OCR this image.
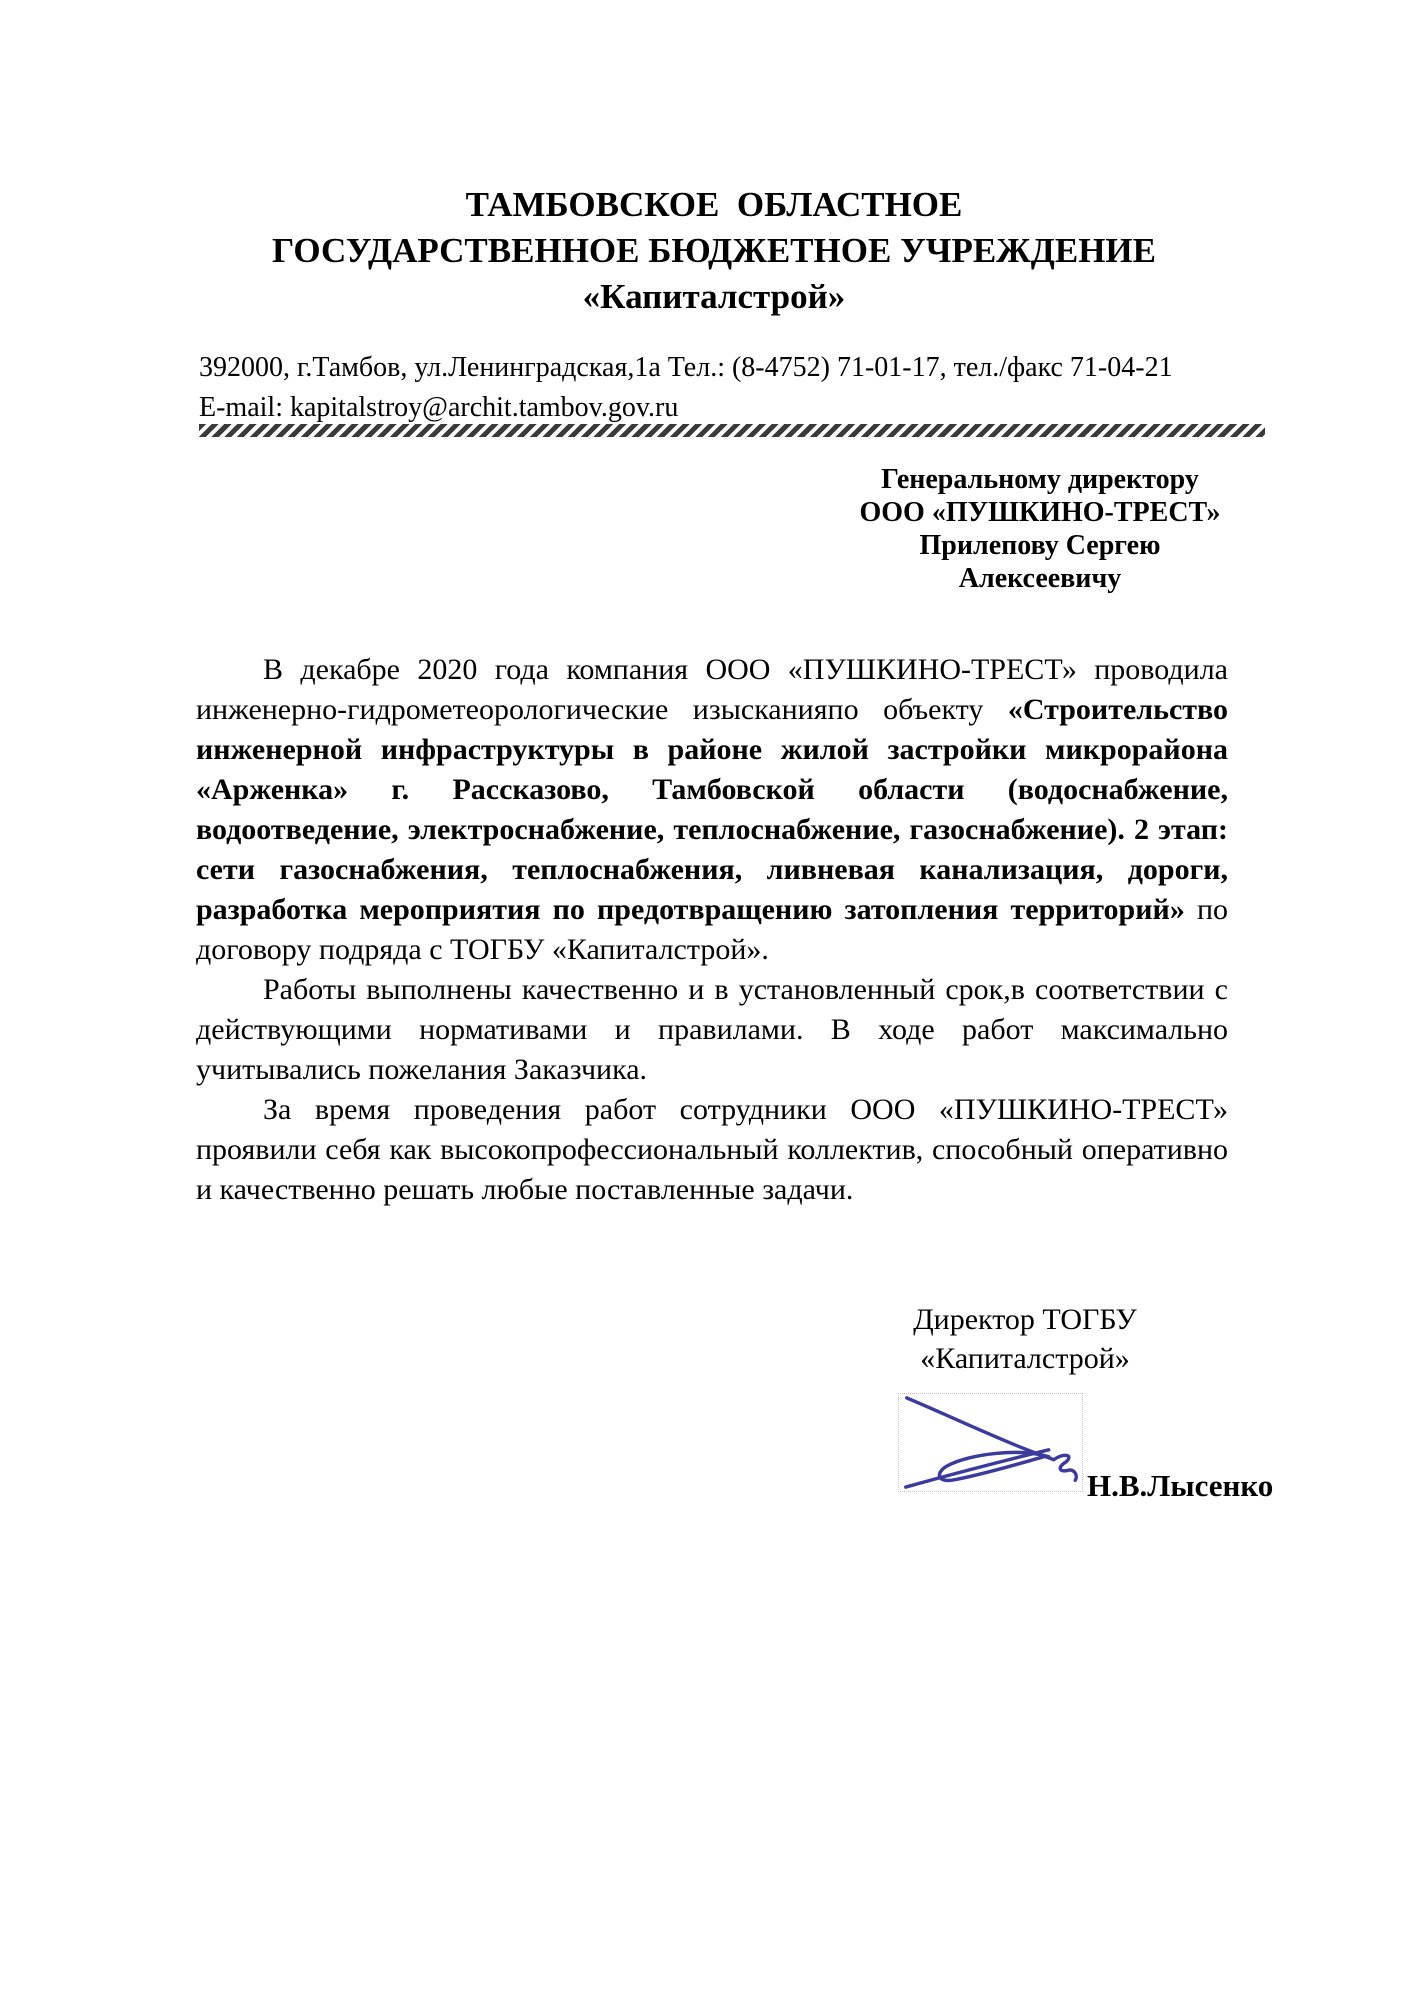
ТАМБОВСКОЕ  ОБЛАСТНОЕ
ГОСУДАРСТВЕННОЕ БЮДЖЕТНОЕ УЧРЕЖДЕНИЕ
«Капиталстрой»
392000, г.Тамбов, ул.Ленинградская,1а Тел.: (8-4752) 71-01-17, тел./факс 71-04-21
E-mail: kapitalstroy@archit.tambov.gov.ru
Генеральному директору
ООО «ПУШКИНО-ТРЕСТ»
Прилепову Сергею Алексеевичу

В декабре 2020 года компания ООО «ПУШКИНО-ТРЕСТ» проводила инженерно-гидрометеорологические изысканияпо объекту «Строительство инженерной инфраструктуры в районе жилой застройки микрорайона «Арженка» г. Рассказово, Тамбовской области (водоснабжение, водоотведение, электроснабжение, теплоснабжение, газоснабжение). 2 этап: сети газоснабжения, теплоснабжения, ливневая канализация, дороги, разработка мероприятия по предотвращению затопления территорий» по договору подряда с ТОГБУ «Капиталстрой».

Работы выполнены качественно и в установленный срок,в соответствии с действующими нормативами и правилами. В ходе работ максимально учитывались пожелания Заказчика.

За время проведения работ сотрудники ООО «ПУШКИНО-ТРЕСТ» проявили себя как высокопрофессиональный коллектив, способный оперативно и качественно решать любые поставленные задачи.

Директор ТОГБУ
«Капиталстрой»
Н.В.Лысенко
